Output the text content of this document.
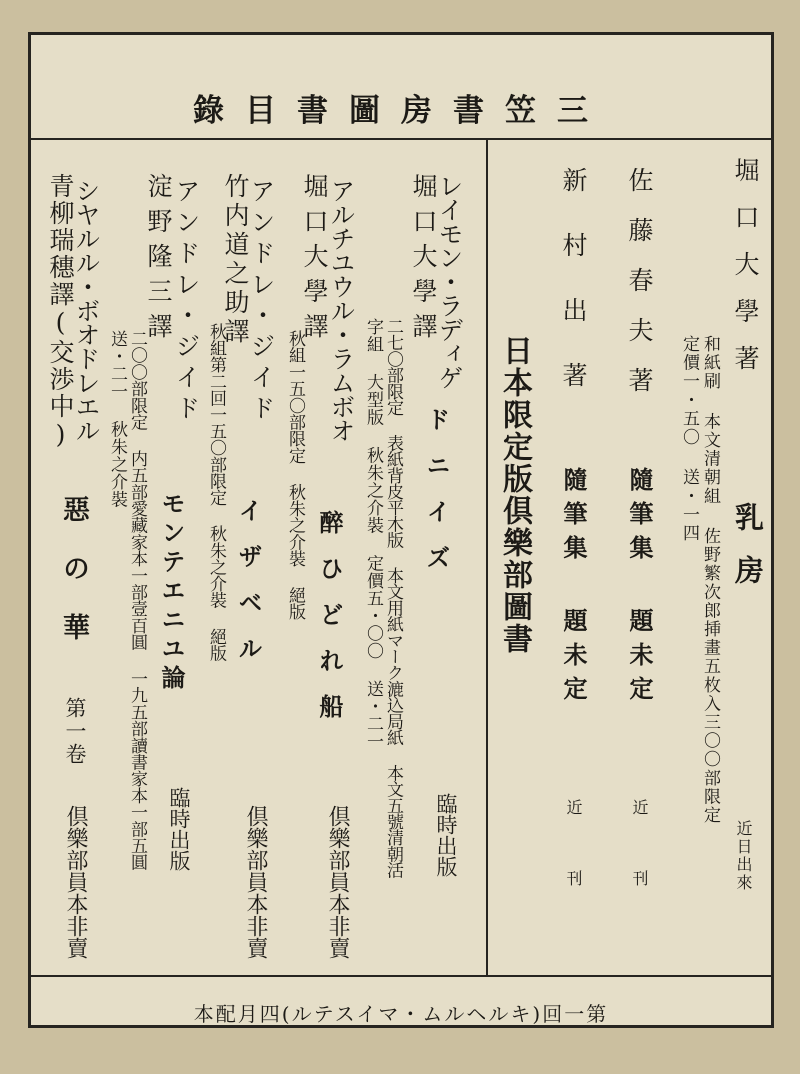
三笠書房圖書目錄
堀口大學著
乳房
和紙刷 本文清朝組 佐野繁次郎挿畫五枚入三〇〇部限定
定價一・五〇 送・一四
近日出來
佐藤春夫著
隨筆集 題未定
近刊
新村出著
隨筆集 題未定
近刊
日本限定版倶樂部圖書
レイモン・ラディゲ
堀口大學譯
ドニイズ
臨時出版
二七〇部限定 表紙背皮平木版 本文用紙マーク漉込局紙 本文五號清朝活
字組 大型版 秋朱之介裝 定價五・〇〇 送・二一
アルチユウル・ラムボオ
堀口大學譯
醉ひどれ船
倶樂部員本非賣
秋組一五〇部限定 秋朱之介裝 絕版
アンドレ・ジイド
竹内道之助譯
イザベル
倶樂部員本非賣
秋組第二回一五〇部限定 秋朱之介裝 絕版
アンドレ・ジイド
淀野隆三譯
モンテエニユ論
臨時出版
二〇〇部限定 内五部愛藏家本一部壹百圓 一九五部讀書家本一部五圓
送・二一 秋朱之介裝
シヤルル・ボオドレエル
青柳瑞穗譯(交渉中)
惡の華
第一卷
倶樂部員本非賣
第一回(キルヘルム・マイステル)四月配本
